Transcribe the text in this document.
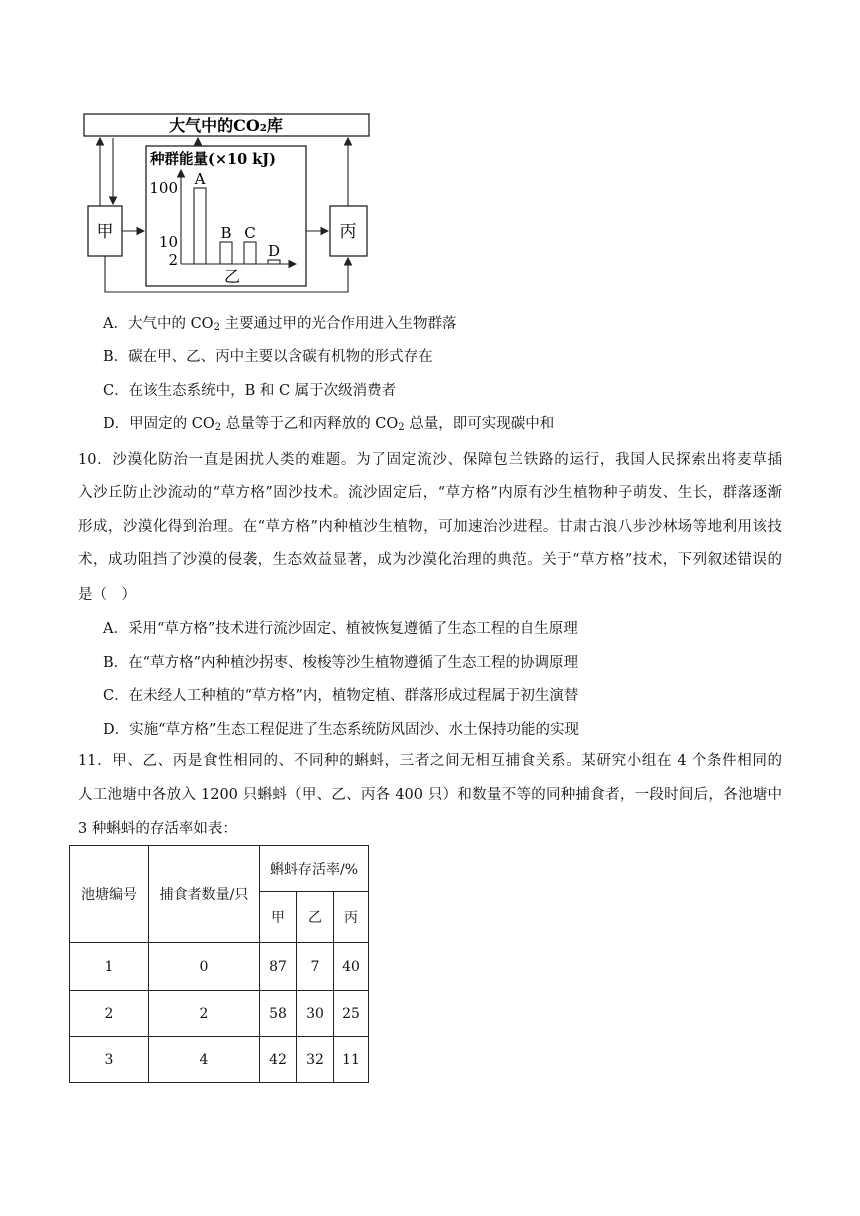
大气中的CO₂库
甲	丙
种群能量(×10 kJ)
100
10
2
A
B C
D
乙
A．大气中的 $CO_2$ 主要通过甲的光合作用进入生物群落
B．碳在甲、乙、丙中主要以含碳有机物的形式存在
C．在该生态系统中，B 和 C 属于次级消费者
D．甲固定的 $CO_2$ 总量等于乙和丙释放的 $CO_2$ 总量，即可实现碳中和
10．沙漠化防治一直是困扰人类的难题。为了固定流沙、保障包兰铁路的运行，我国人民探索出将麦草插
入沙丘防止沙流动的“草方格”固沙技术。流沙固定后，“草方格”内原有沙生植物种子萌发、生长，群落逐渐
形成，沙漠化得到治理。在“草方格”内种植沙生植物，可加速治沙进程。甘肃古浪八步沙林场等地利用该技
术，成功阻挡了沙漠的侵袭，生态效益显著，成为沙漠化治理的典范。关于“草方格”技术，下列叙述错误的
是（　）
A．采用“草方格”技术进行流沙固定、植被恢复遵循了生态工程的自生原理
B．在“草方格”内种植沙拐枣、梭梭等沙生植物遵循了生态工程的协调原理
C．在未经人工种植的“草方格”内，植物定植、群落形成过程属于初生演替
D．实施“草方格”生态工程促进了生态系统防风固沙、水土保持功能的实现
11．甲、乙、丙是食性相同的、不同种的蝌蚪，三者之间无相互捕食关系。某研究小组在 4 个条件相同的
人工池塘中各放入 1200 只蝌蚪（甲、乙、丙各 400 只）和数量不等的同种捕食者，一段时间后，各池塘中
3 种蝌蚪的存活率如表：
池塘编号	捕食者数量/只	蝌蚪存活率/%		
		甲	乙	丙
1	0	87	7	40
2	2	58	30	25
3	4	42	32	11
